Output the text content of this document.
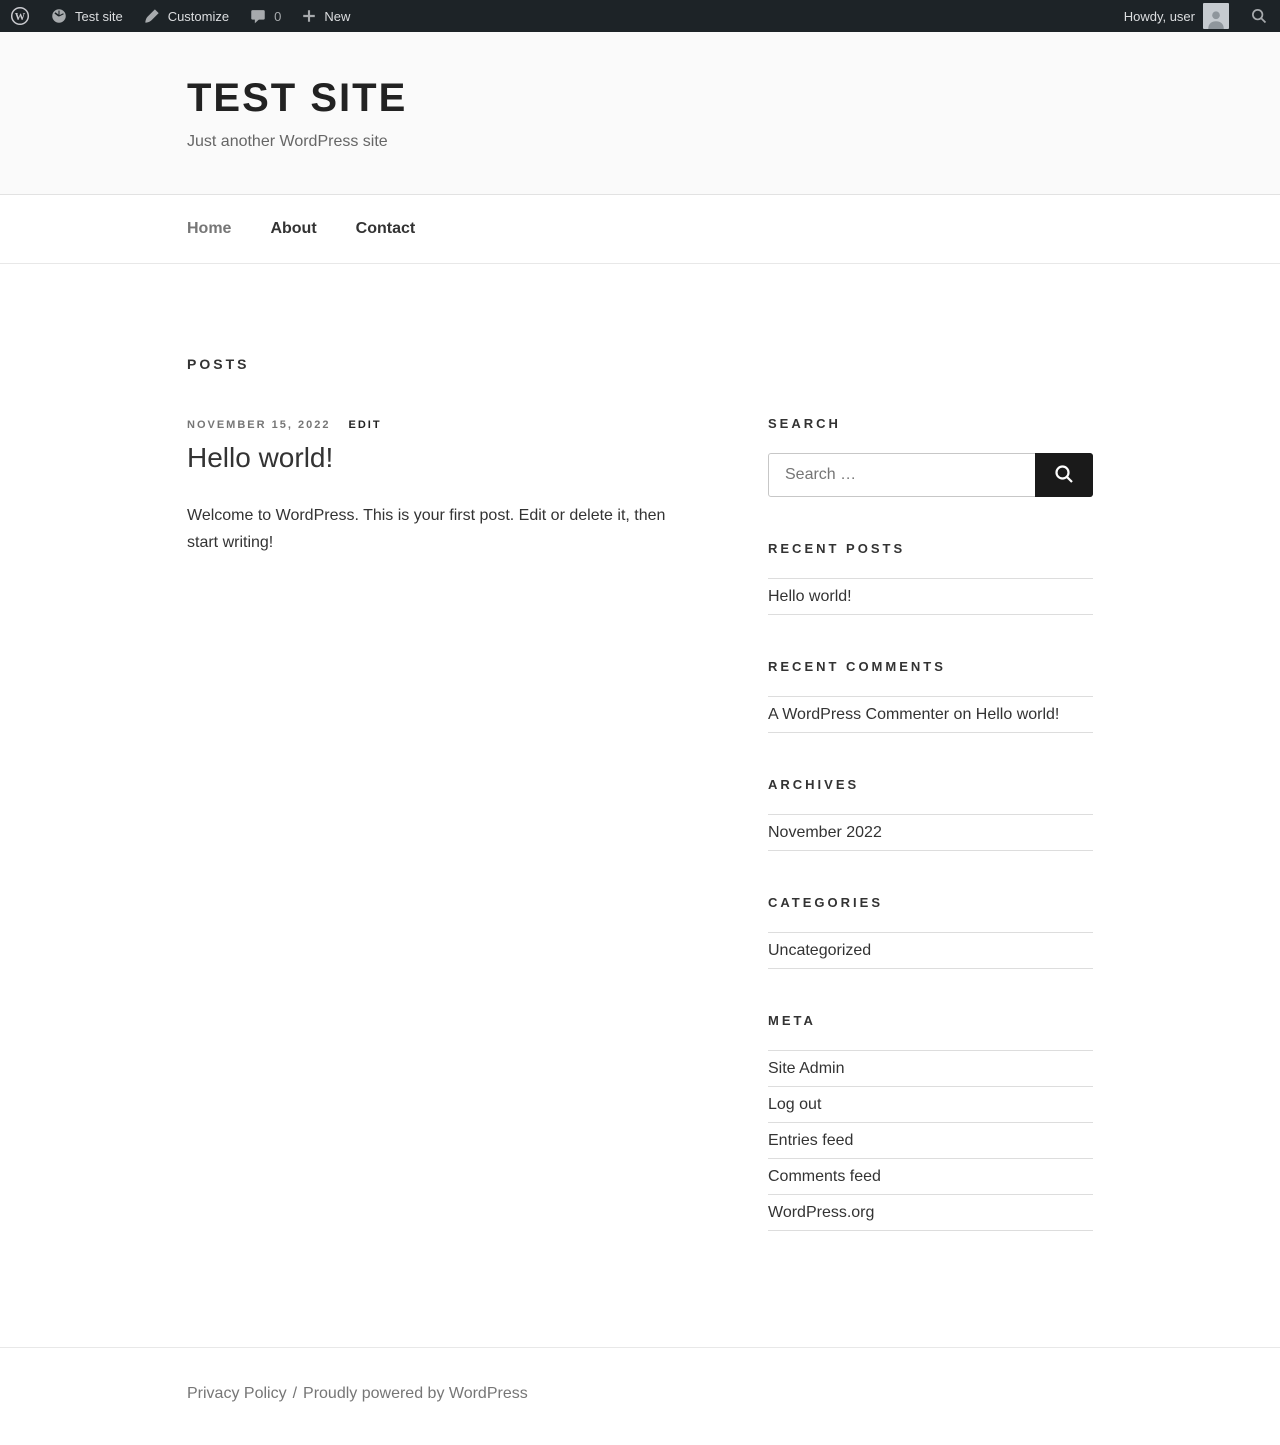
W	Test site	Customize	0	New	Howdy, user
TEST SITE
Just another WordPress site
Home About Contact
POSTS
NOVEMBER 15, 2022 EDIT
Hello world!

Welcome to WordPress. This is your first post. Edit or delete it, then start writing!

SEARCH
Search …
RECENT POSTS
Hello world!
RECENT COMMENTS
A WordPress Commenter on Hello world!
ARCHIVES
November 2022
CATEGORIES
Uncategorized
META
Site Admin
Log out
Entries feed
Comments feed
WordPress.org
Privacy Policy / Proudly powered by WordPress
